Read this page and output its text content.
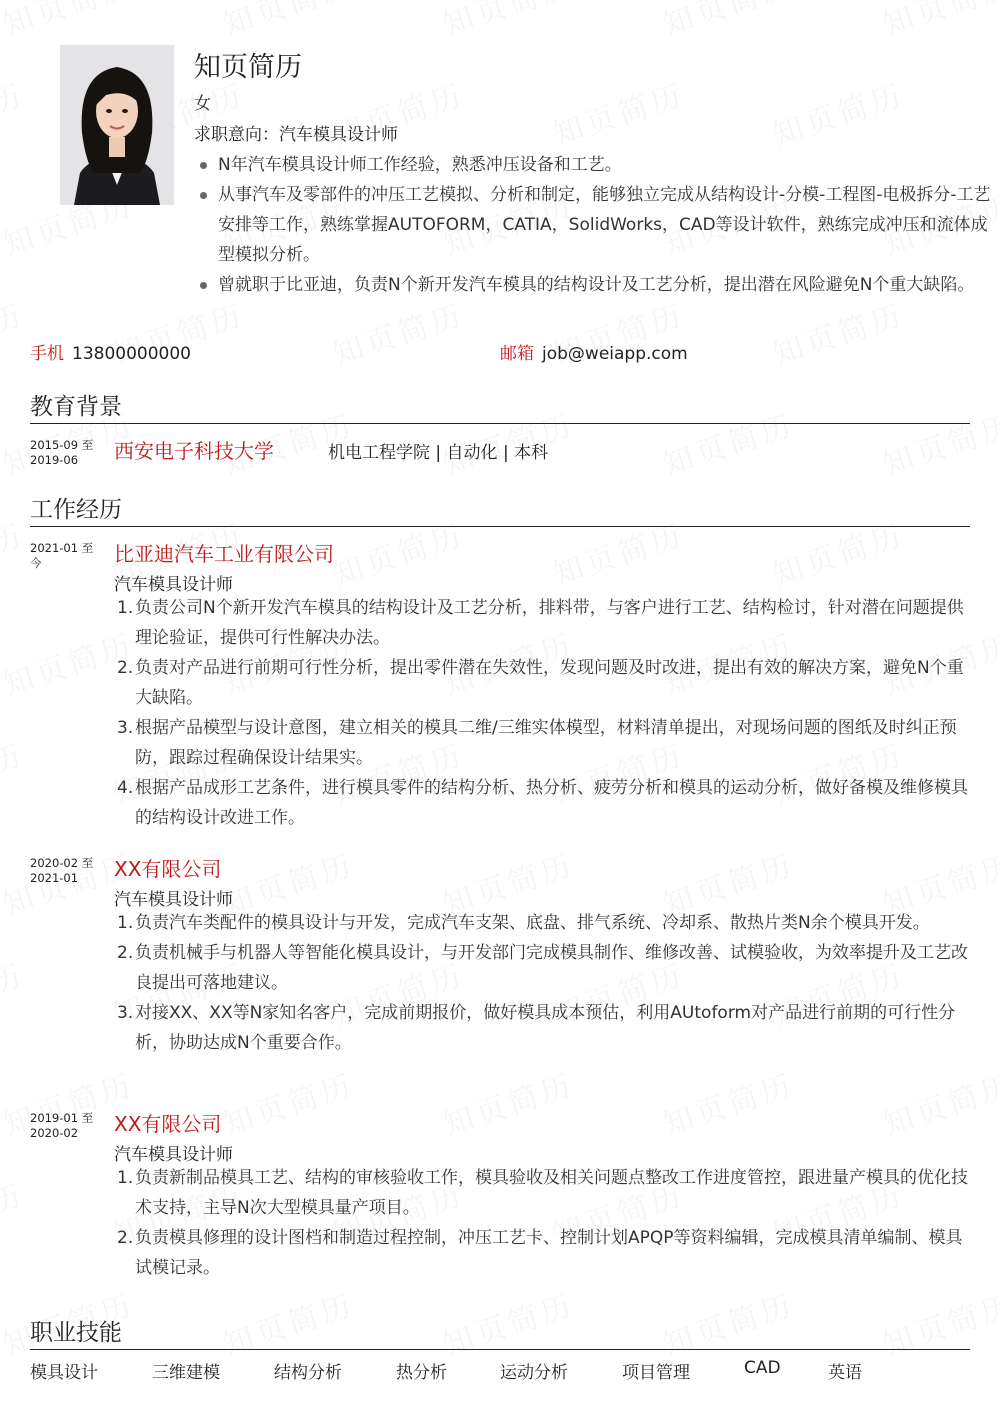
知页简历
女
求职意向：汽车模具设计师
N年汽车模具设计师工作经验，熟悉冲压设备和工艺。
从事汽车及零部件的冲压工艺模拟、分析和制定，能够独立完成从结构设计-分模-工程图-电极拆分-工艺安排等工作，熟练掌握AUTOFORM，CATIA，SolidWorks，CAD等设计软件，熟练完成冲压和流体成型模拟分析。
曾就职于比亚迪，负责N个新开发汽车模具的结构设计及工艺分析，提出潜在风险避免N个重大缺陷。
手机 13800000000	邮箱 job@weiapp.com
教育背景
2015-09 至
2019-06	西安电子科技大学	机电工程学院 | 自动化 | 本科
工作经历
2021-01 至今	比亚迪汽车工业有限公司
汽车模具设计师
1. 负责公司N个新开发汽车模具的结构设计及工艺分析，排料带，与客户进行工艺、结构检讨，针对潜在问题提供理论验证，提供可行性解决办法。
2. 负责对产品进行前期可行性分析，提出零件潜在失效性，发现问题及时改进，提出有效的解决方案，避免N个重大缺陷。
3. 根据产品模型与设计意图，建立相关的模具二维/三维实体模型，材料清单提出，对现场问题的图纸及时纠正预防，跟踪过程确保设计结果实。
4. 根据产品成形工艺条件，进行模具零件的结构分析、热分析、疲劳分析和模具的运动分析，做好备模及维修模具的结构设计改进工作。
2020-02 至
2021-01	XX有限公司
汽车模具设计师
1. 负责汽车类配件的模具设计与开发，完成汽车支架、底盘、排气系统、冷却系、散热片类N余个模具开发。
2. 负责机械手与机器人等智能化模具设计，与开发部门完成模具制作、维修改善、试模验收，为效率提升及工艺改良提出可落地建议。
3. 对接XX、XX等N家知名客户，完成前期报价，做好模具成本预估，利用AUtoform对产品进行前期的可行性分析，协助达成N个重要合作。
2019-01 至
2020-02	XX有限公司
汽车模具设计师
1. 负责新制品模具工艺、结构的审核验收工作，模具验收及相关问题点整改工作进度管控，跟进量产模具的优化技术支持，主导N次大型模具量产项目。
2. 负责模具修理的设计图档和制造过程控制，冲压工艺卡、控制计划APQP等资料编辑，完成模具清单编制、模具试模记录。
职业技能
模具设计	三维建模	结构分析	热分析	运动分析	项目管理	CAD	英语
